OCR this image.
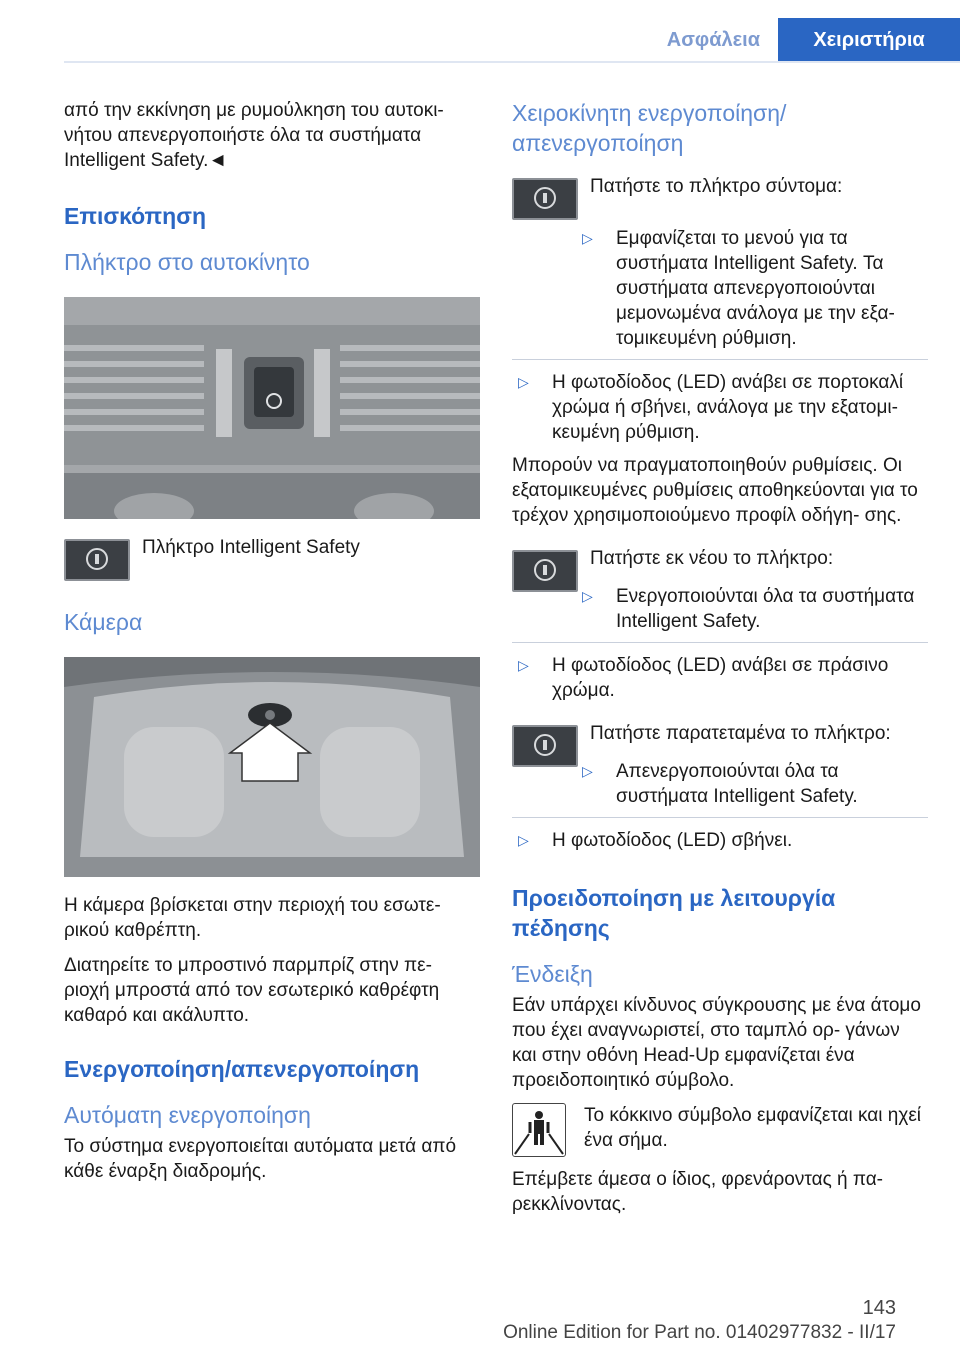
Ασφάλεια	Χειριστήρια

από την εκκίνηση με ρυμούλκηση του αυτοκι‐ νήτου απενεργοποιήστε όλα τα συστήματα Intelligent Safety.◄

Επισκόπηση
Πλήκτρο στο αυτοκίνητο
Πλήκτρο Intelligent Safety
Κάμερα

Η κάμερα βρίσκεται στην περιοχή του εσωτε‐ ρικού καθρέπτη.

Διατηρείτε το μπροστινό παρμπρίζ στην πε‐ ριοχή μπροστά από τον εσωτερικό καθρέφτη καθαρό και ακάλυπτο.

Ενεργοποίηση/απενεργοποίηση
Αυτόματη ενεργοποίηση

Το σύστημα ενεργοποιείται αυτόματα μετά από κάθε έναρξη διαδρομής.

Χειροκίνητη ενεργοποίηση/ απενεργοποίηση
Πατήστε το πλήκτρο σύντομα:
▷ Εμφανίζεται το μενού για τα συστήματα Intelligent Safety. Τα συστήματα απενεργοποιούνται μεμονωμένα ανάλογα με την εξα‐ τομικευμένη ρύθμιση.
▷ Η φωτοδίοδος (LED) ανάβει σε πορτοκαλί χρώμα ή σβήνει, ανάλογα με την εξατομι‐ κευμένη ρύθμιση.

Μπορούν να πραγματοποιηθούν ρυθμίσεις. Οι εξατομικευμένες ρυθμίσεις αποθηκεύονται για το τρέχον χρησιμοποιούμενο προφίλ οδήγη‐ σης.

Πατήστε εκ νέου το πλήκτρο:
▷ Ενεργοποιούνται όλα τα συστήματα Intelligent Safety.
▷ Η φωτοδίοδος (LED) ανάβει σε πράσινο χρώμα.
Πατήστε παρατεταμένα το πλήκτρο:
▷ Απενεργοποιούνται όλα τα συστήματα Intelligent Safety.
▷ Η φωτοδίοδος (LED) σβήνει.
Προειδοποίηση με λειτουργία πέδησης
Ένδειξη

Εάν υπάρχει κίνδυνος σύγκρουσης με ένα άτομο που έχει αναγνωριστεί, στο ταμπλό ορ‐ γάνων και στην οθόνη Head-Up εμφανίζεται ένα προειδοποιητικό σύμβολο.

Το κόκκινο σύμβολο εμφανίζεται και ηχεί ένα σήμα.

Επέμβετε άμεσα ο ίδιος, φρενάροντας ή πα‐ ρεκκλίνοντας.

143
Online Edition for Part no. 01402977832 - II/17
